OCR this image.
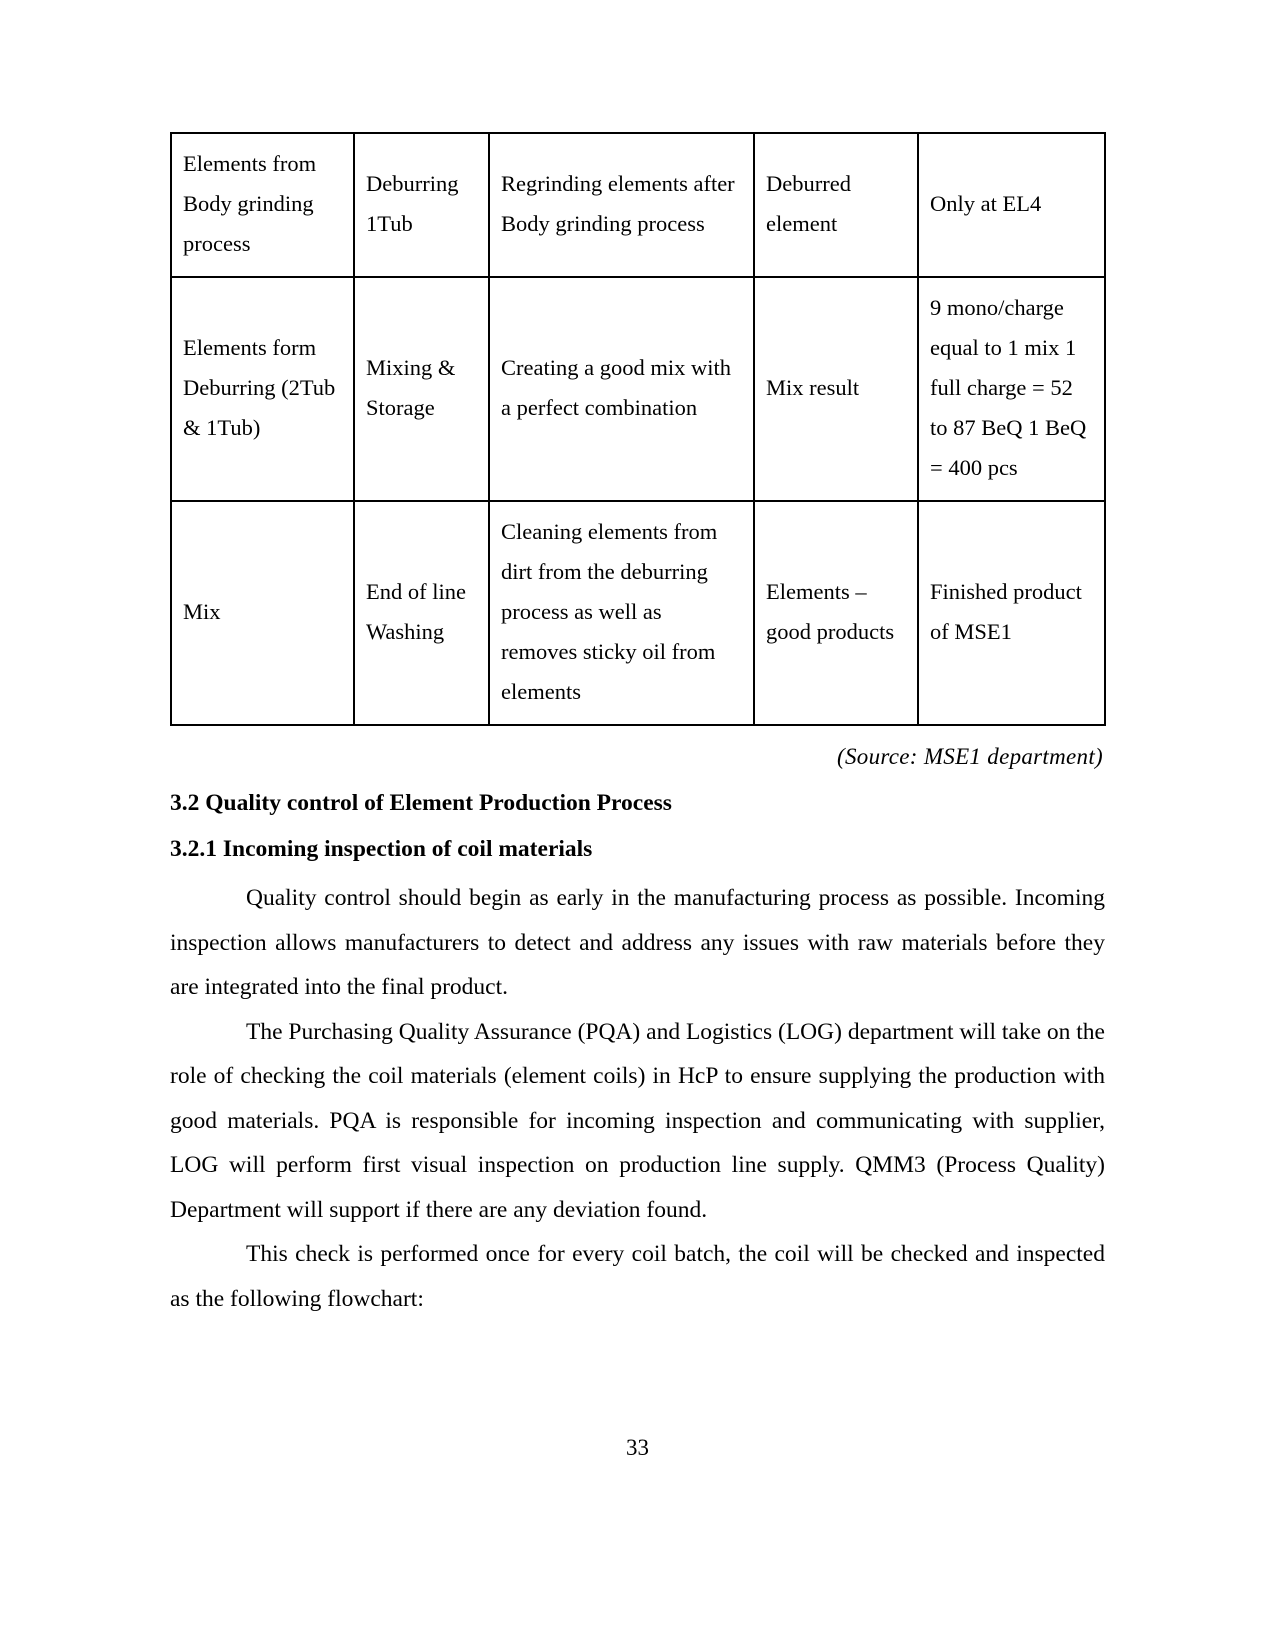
Elements from Body grinding process	Deburring 1Tub	Regrinding elements after Body grinding process	Deburred element	Only at EL4
Elements form Deburring (2Tub & 1Tub)	Mixing & Storage	Creating a good mix with a perfect combination	Mix result	9 mono/charge equal to 1 mix 1 full charge = 52 to 87 BeQ 1 BeQ = 400 pcs
Mix	End of line Washing	Cleaning elements from dirt from the deburring process as well as removes sticky oil from elements	Elements – good products	Finished product of MSE1
(Source: MSE1 department)
3.2 Quality control of Element Production Process
3.2.1 Incoming inspection of coil materials

Quality control should begin as early in the manufacturing process as possible. Incoming inspection allows manufacturers to detect and address any issues with raw materials before they are integrated into the final product.

The Purchasing Quality Assurance (PQA) and Logistics (LOG) department will take on the role of checking the coil materials (element coils) in HcP to ensure supplying the production with good materials. PQA is responsible for incoming inspection and communicating with supplier, LOG will perform first visual inspection on production line supply. QMM3 (Process Quality) Department will support if there are any deviation found.

This check is performed once for every coil batch, the coil will be checked and inspected as the following flowchart:

33
